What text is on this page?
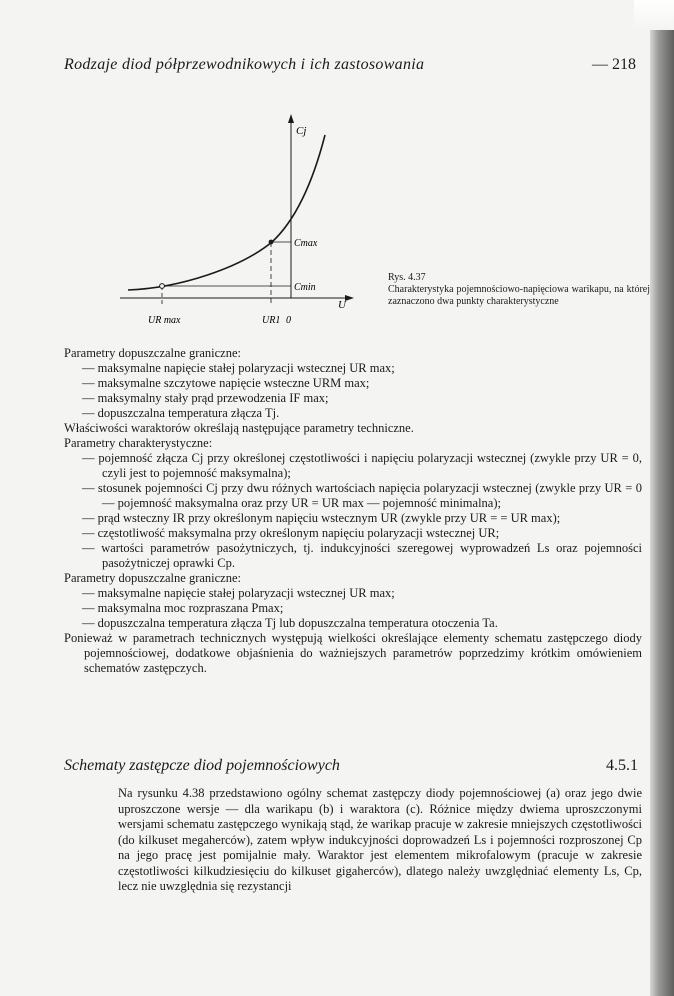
Rodzaje diod półprzewodnikowych i ich zastosowania	— 218
Cj
Cmax
Cmin
U
UR max	UR1 0
Rys. 4.37
Charakterystyka pojemnościowo-napięciowa warikapu, na której zaznaczono dwa punkty charakterystyczne

Parametry dopuszczalne graniczne:

— maksymalne napięcie stałej polaryzacji wstecznej UR max;

— maksymalne szczytowe napięcie wsteczne URM max;

— maksymalny stały prąd przewodzenia IF max;

— dopuszczalna temperatura złącza Tj.

Właściwości waraktorów określają następujące parametry techniczne.

Parametry charakterystyczne:

— pojemność złącza Cj przy określonej częstotliwości i napięciu polaryzacji wstecznej (zwykle przy UR = 0, czyli jest to pojemność maksymalna);

— stosunek pojemności Cj przy dwu różnych wartościach napięcia polaryzacji wstecznej (zwykle przy UR = 0 — pojemność maksymalna oraz przy UR = UR max — pojemność minimalna);

— prąd wsteczny IR przy określonym napięciu wstecznym UR (zwykle przy UR = = UR max);

— częstotliwość maksymalna przy określonym napięciu polaryzacji wstecznej UR;

— wartości parametrów pasożytniczych, tj. indukcyjności szeregowej wyprowadzeń Ls oraz pojemności pasożytniczej oprawki Cp.

Parametry dopuszczalne graniczne:

— maksymalne napięcie stałej polaryzacji wstecznej UR max;

— maksymalna moc rozpraszana Pmax;

— dopuszczalna temperatura złącza Tj lub dopuszczalna temperatura otoczenia Ta.

Ponieważ w parametrach technicznych występują wielkości określające elementy schematu zastępczego diody pojemnościowej, dodatkowe objaśnienia do ważniejszych parametrów poprzedzimy krótkim omówieniem schematów zastępczych.

Schematy zastępcze diod pojemnościowych	4.5.1

Na rysunku 4.38 przedstawiono ogólny schemat zastępczy diody pojemnościowej (a) oraz jego dwie uproszczone wersje — dla warikapu (b) i waraktora (c). Różnice między dwiema uproszczonymi wersjami schematu zastępczego wynikają stąd, że warikap pracuje w zakresie mniejszych częstotliwości (do kilkuset megaherców), zatem wpływ indukcyjności doprowadzeń Ls i pojemności rozproszonej Cp na jego pracę jest pomijalnie mały. Waraktor jest elementem mikrofalowym (pracuje w zakresie częstotliwości kilkudziesięciu do kilkuset gigaherców), dlatego należy uwzględniać elementy Ls, Cp, lecz nie uwzględnia się rezystancji
